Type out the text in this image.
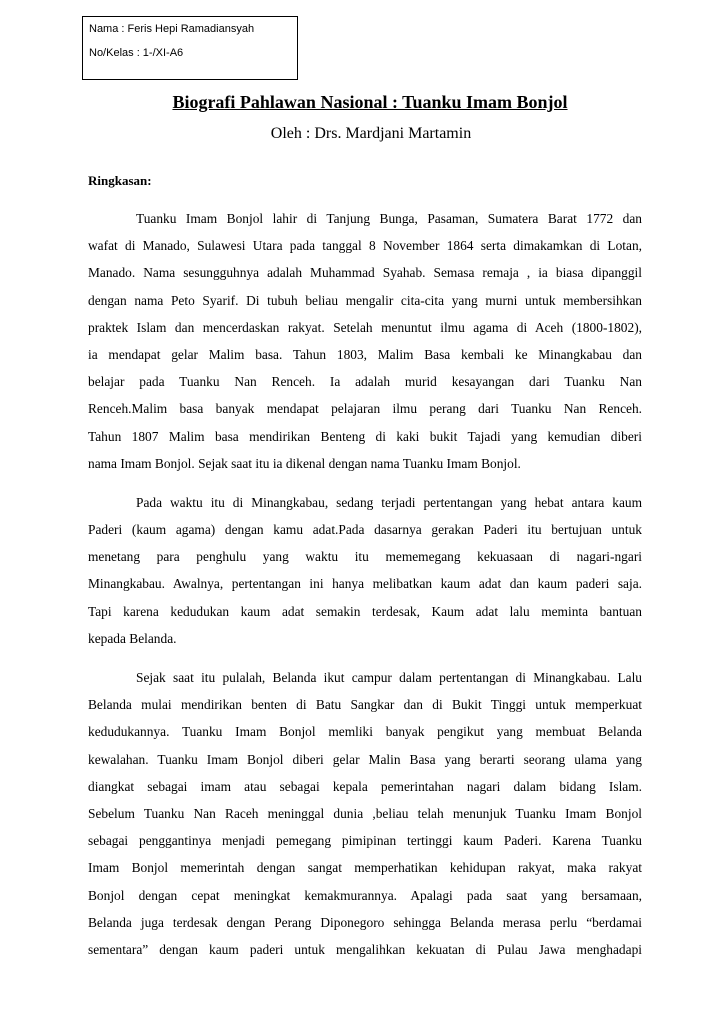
Nama : Feris Hepi Ramadiansyah
No/Kelas : 1-/XI-A6
Biografi Pahlawan Nasional : Tuanku Imam Bonjol
Oleh : Drs. Mardjani Martamin
Ringkasan:
Tuanku Imam Bonjol lahir di Tanjung Bunga, Pasaman, Sumatera Barat 1772 dan
wafat di Manado, Sulawesi Utara pada tanggal 8 November 1864 serta dimakamkan di Lotan,
Manado. Nama sesungguhnya adalah Muhammad Syahab. Semasa remaja , ia biasa dipanggil
dengan nama Peto Syarif. Di tubuh beliau mengalir cita-cita yang murni untuk membersihkan
praktek Islam dan mencerdaskan rakyat. Setelah menuntut ilmu agama di Aceh (1800-1802),
ia mendapat gelar Malim basa. Tahun 1803, Malim Basa kembali ke Minangkabau dan
belajar pada Tuanku Nan Renceh. Ia adalah murid kesayangan dari Tuanku Nan
Renceh.Malim basa banyak mendapat pelajaran ilmu perang dari Tuanku Nan Renceh.
Tahun 1807 Malim basa mendirikan Benteng di kaki bukit Tajadi yang kemudian diberi
nama Imam Bonjol. Sejak saat itu ia dikenal dengan nama Tuanku Imam Bonjol.
Pada waktu itu di Minangkabau, sedang terjadi pertentangan yang hebat antara kaum
Paderi (kaum agama) dengan kamu adat.Pada dasarnya gerakan Paderi itu bertujuan untuk
menetang para penghulu yang waktu itu mememegang kekuasaan di nagari-ngari
Minangkabau. Awalnya, pertentangan ini hanya melibatkan kaum adat dan kaum paderi saja.
Tapi karena kedudukan kaum adat semakin terdesak, Kaum adat lalu meminta bantuan
kepada Belanda.
Sejak saat itu pulalah, Belanda ikut campur dalam pertentangan di Minangkabau. Lalu
Belanda mulai mendirikan benten di Batu Sangkar dan di Bukit Tinggi untuk memperkuat
kedudukannya. Tuanku Imam Bonjol memliki banyak pengikut yang membuat Belanda
kewalahan. Tuanku Imam Bonjol diberi gelar Malin Basa yang berarti seorang ulama yang
diangkat sebagai imam atau sebagai kepala pemerintahan nagari dalam bidang Islam.
Sebelum Tuanku Nan Raceh meninggal dunia ,beliau telah menunjuk Tuanku Imam Bonjol
sebagai penggantinya menjadi pemegang pimipinan tertinggi kaum Paderi. Karena Tuanku
Imam Bonjol memerintah dengan sangat memperhatikan kehidupan rakyat, maka rakyat
Bonjol dengan cepat meningkat kemakmurannya. Apalagi pada saat yang bersamaan,
Belanda juga terdesak dengan Perang Diponegoro sehingga Belanda merasa perlu “berdamai
sementara” dengan kaum paderi untuk mengalihkan kekuatan di Pulau Jawa menghadapi
